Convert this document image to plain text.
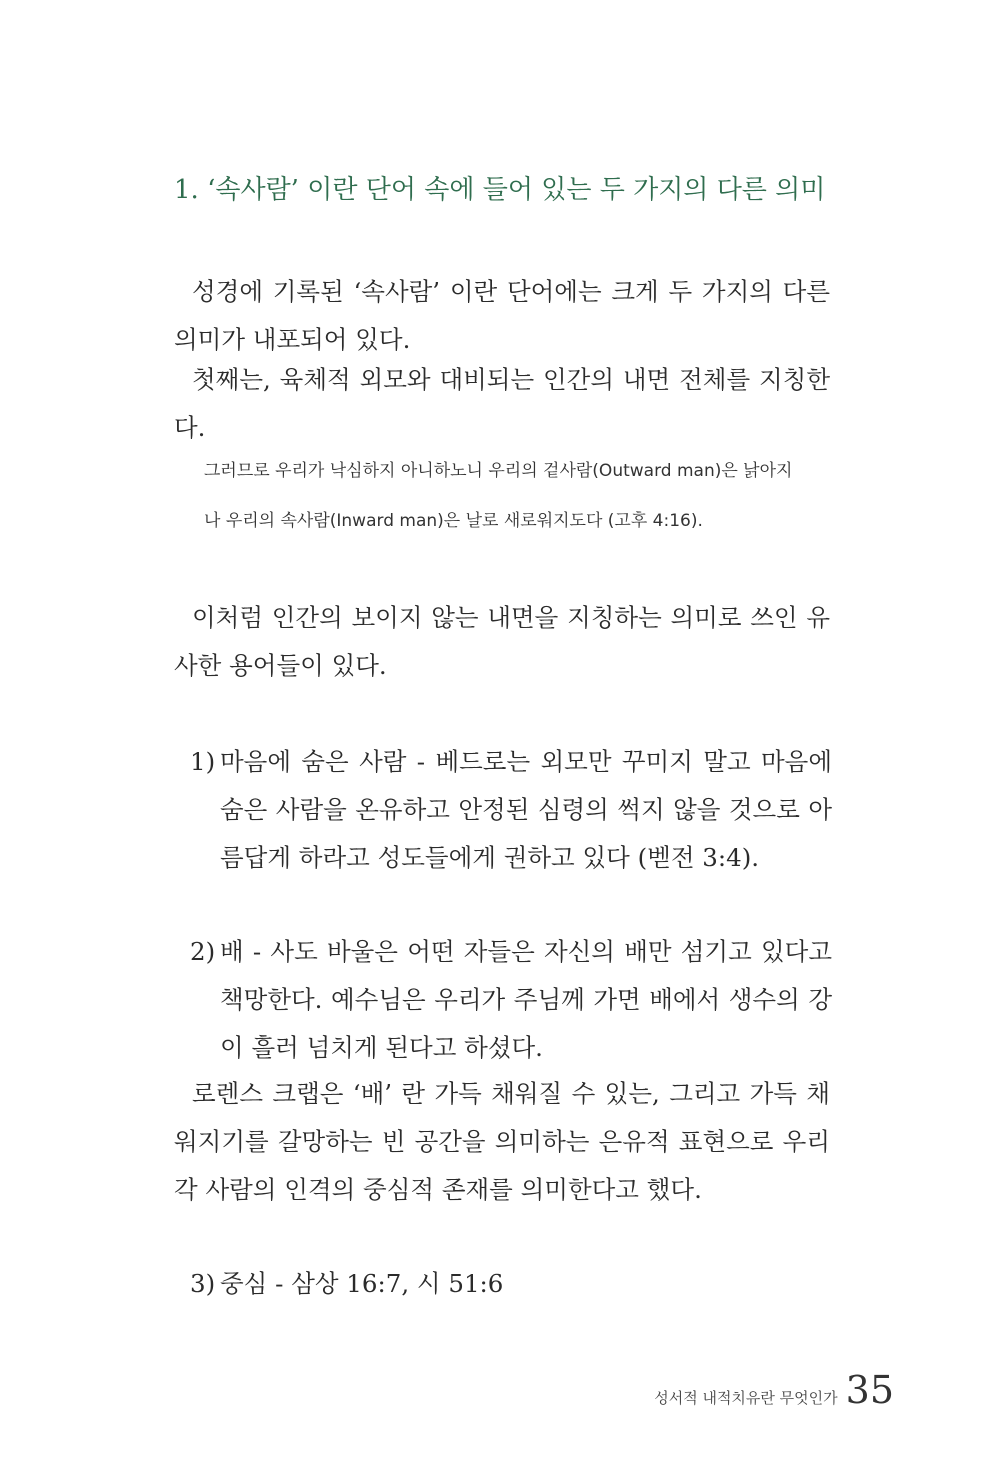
1. ‘속사람’ 이란 단어 속에 들어 있는 두 가지의 다른 의미
성경에 기록된 ‘속사람’ 이란 단어에는 크게 두 가지의 다른 의미가 내포되어 있다.
첫째는, 육체적 외모와 대비되는 인간의 내면 전체를 지칭한다.
그러므로 우리가 낙심하지 아니하노니 우리의 겉사람(Outward man)은 낡아지
나 우리의 속사람(Inward man)은 날로 새로워지도다 (고후 4:16).
이처럼 인간의 보이지 않는 내면을 지칭하는 의미로 쓰인 유사한 용어들이 있다.
1) 마음에 숨은 사람 - 베드로는 외모만 꾸미지 말고 마음에 숨은 사람을 온유하고 안정된 심령의 썩지 않을 것으로 아름답게 하라고 성도들에게 권하고 있다 (벧전 3:4).
2) 배 - 사도 바울은 어떤 자들은 자신의 배만 섬기고 있다고 책망한다. 예수님은 우리가 주님께 가면 배에서 생수의 강이 흘러 넘치게 된다고 하셨다.
로렌스 크랩은 ‘배’ 란 가득 채워질 수 있는, 그리고 가득 채워지기를 갈망하는 빈 공간을 의미하는 은유적 표현으로 우리 각 사람의 인격의 중심적 존재를 의미한다고 했다.
3) 중심 - 삼상 16:7, 시 51:6
성서적 내적치유란 무엇인가 35
